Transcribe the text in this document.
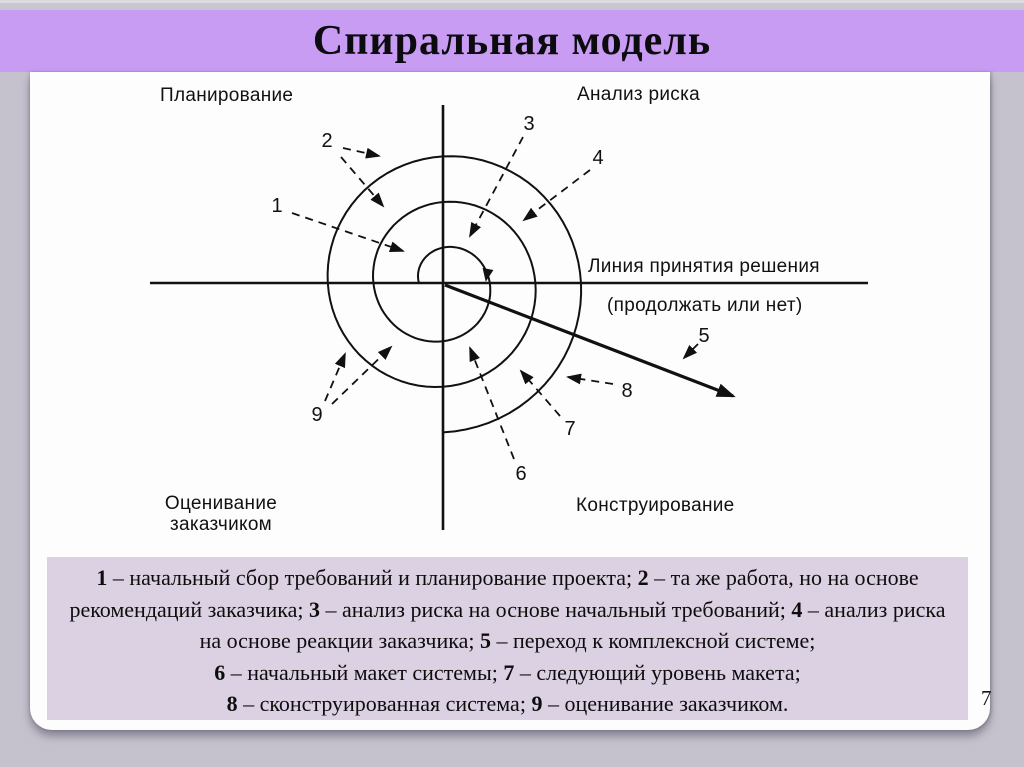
Спиральная модель
1
2
3
4
5
6
7
8
9
Планирование	Анализ риска
Оценивание
заказчиком
Конструирование
Линия принятия решения
(продолжать или нет)
1 – начальный сбор требований и планирование проекта; 2 – та же работа, но на основе рекомендаций заказчика; 3 – анализ риска на основе начальный требований; 4 – анализ риска на основе реакции заказчика; 5 – переход к комплексной системе;
6 – начальный макет системы; 7 – следующий уровень макета;
8 – сконструированная система; 9 – оценивание заказчиком.	7
